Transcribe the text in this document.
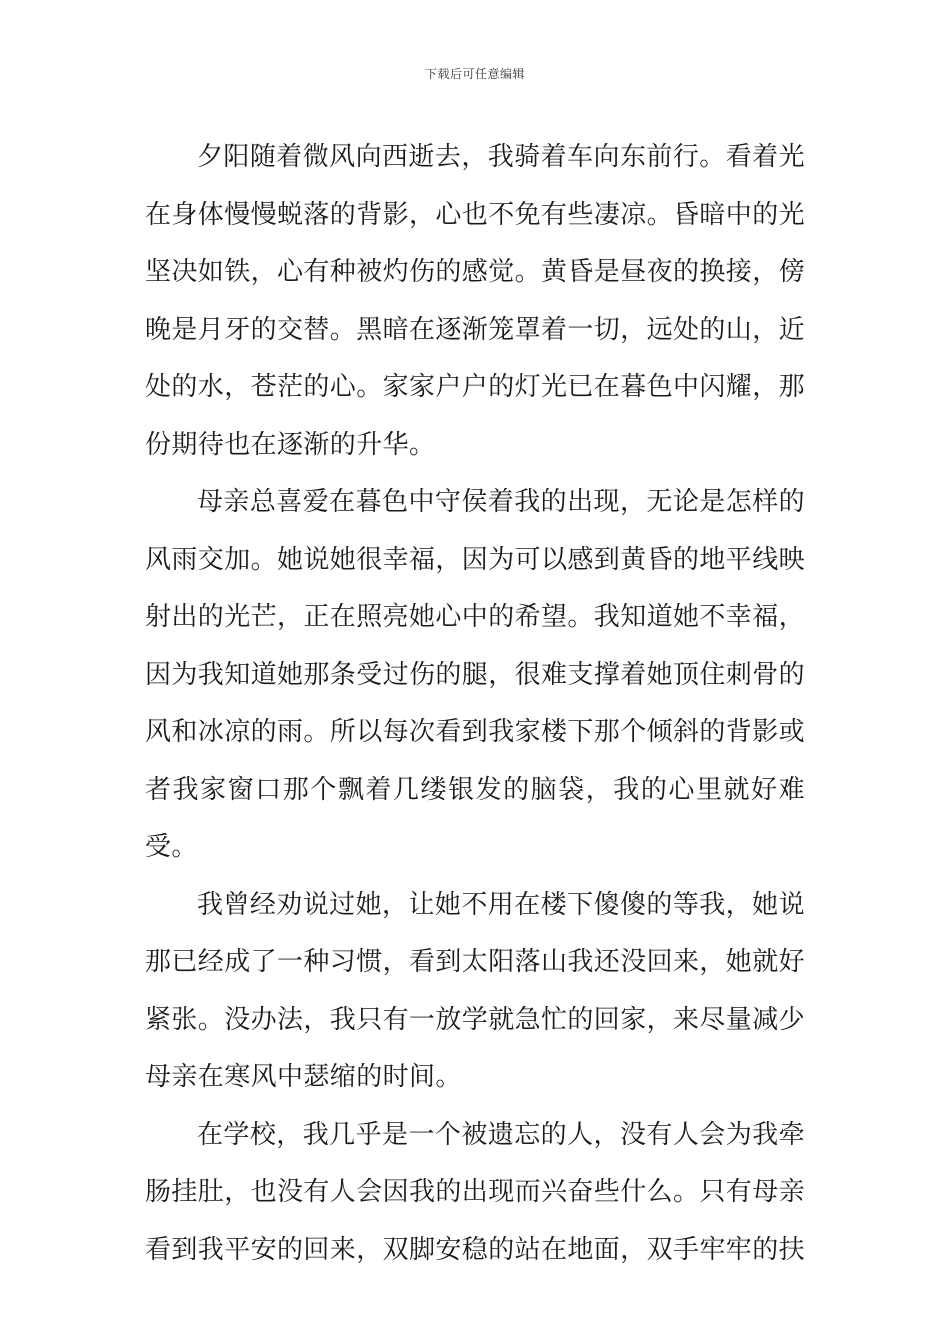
下载后可任意编辑

夕阳随着微风向西逝去，我骑着车向东前行。看着光在身体慢慢蜕落的背影，心也不免有些凄凉。昏暗中的光坚决如铁，心有种被灼伤的感觉。黄昏是昼夜的换接，傍晚是月牙的交替。黑暗在逐渐笼罩着一切，远处的山，近处的水，苍茫的心。家家户户的灯光已在暮色中闪耀，那份期待也在逐渐的升华。

母亲总喜爱在暮色中守侯着我的出现，无论是怎样的风雨交加。她说她很幸福，因为可以感到黄昏的地平线映射出的光芒，正在照亮她心中的希望。我知道她不幸福，因为我知道她那条受过伤的腿，很难支撑着她顶住刺骨的风和冰凉的雨。所以每次看到我家楼下那个倾斜的背影或者我家窗口那个飘着几缕银发的脑袋，我的心里就好难受。

我曾经劝说过她，让她不用在楼下傻傻的等我，她说那已经成了一种习惯，看到太阳落山我还没回来，她就好紧张。没办法，我只有一放学就急忙的回家，来尽量减少母亲在寒风中瑟缩的时间。

在学校，我几乎是一个被遗忘的人，没有人会为我牵肠挂肚，也没有人会因我的出现而兴奋些什么。只有母亲看到我平安的回来，双脚安稳的站在地面，双手牢牢的扶
